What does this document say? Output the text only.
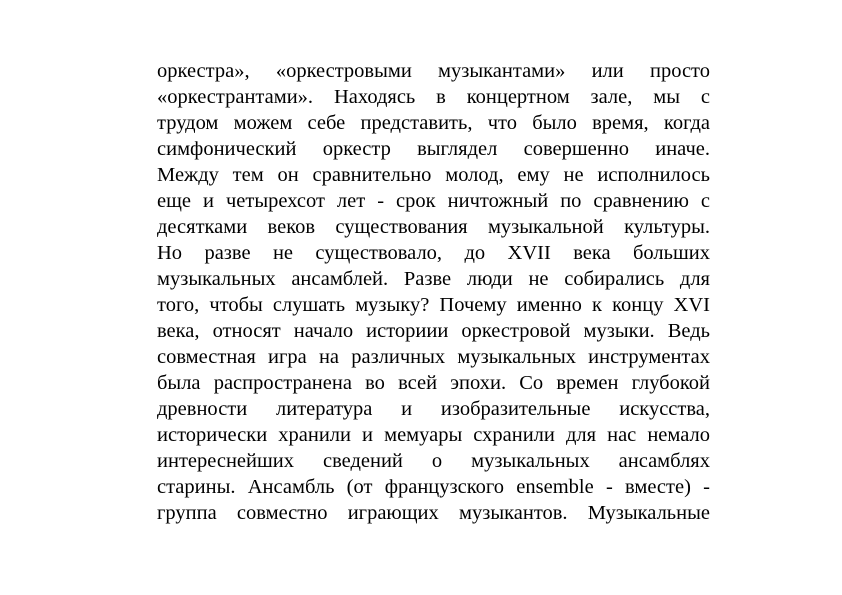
оркестра», «оркестровыми музыкантами» или просто
«оркестрантами». Находясь в концертном зале, мы с
трудом можем себе представить, что было время, когда
симфонический оркестр выглядел совершенно иначе.
Между тем он сравнительно молод, ему не исполнилось
еще и четырехсот лет - срок ничтожный по сравнению с
десятками веков существования музыкальной культуры.
Но разве не существовало, до XVII века больших
музыкальных ансамблей. Разве люди не собирались для
того, чтобы слушать музыку? Почему именно к концу XVI
века, относят начало историии оркестровой музыки. Ведь
совместная игра на различных музыкальных инструментах
была распространена во всей эпохи. Со времен глубокой
древности литература и изобразительные искусства,
исторически хранили и мемуары схранили для нас немало
интереснейших сведений о музыкальных ансамблях
старины. Ансамбль (от французского ensemble - вместе) -
группа совместно играющих музыкантов. Музыкальные
